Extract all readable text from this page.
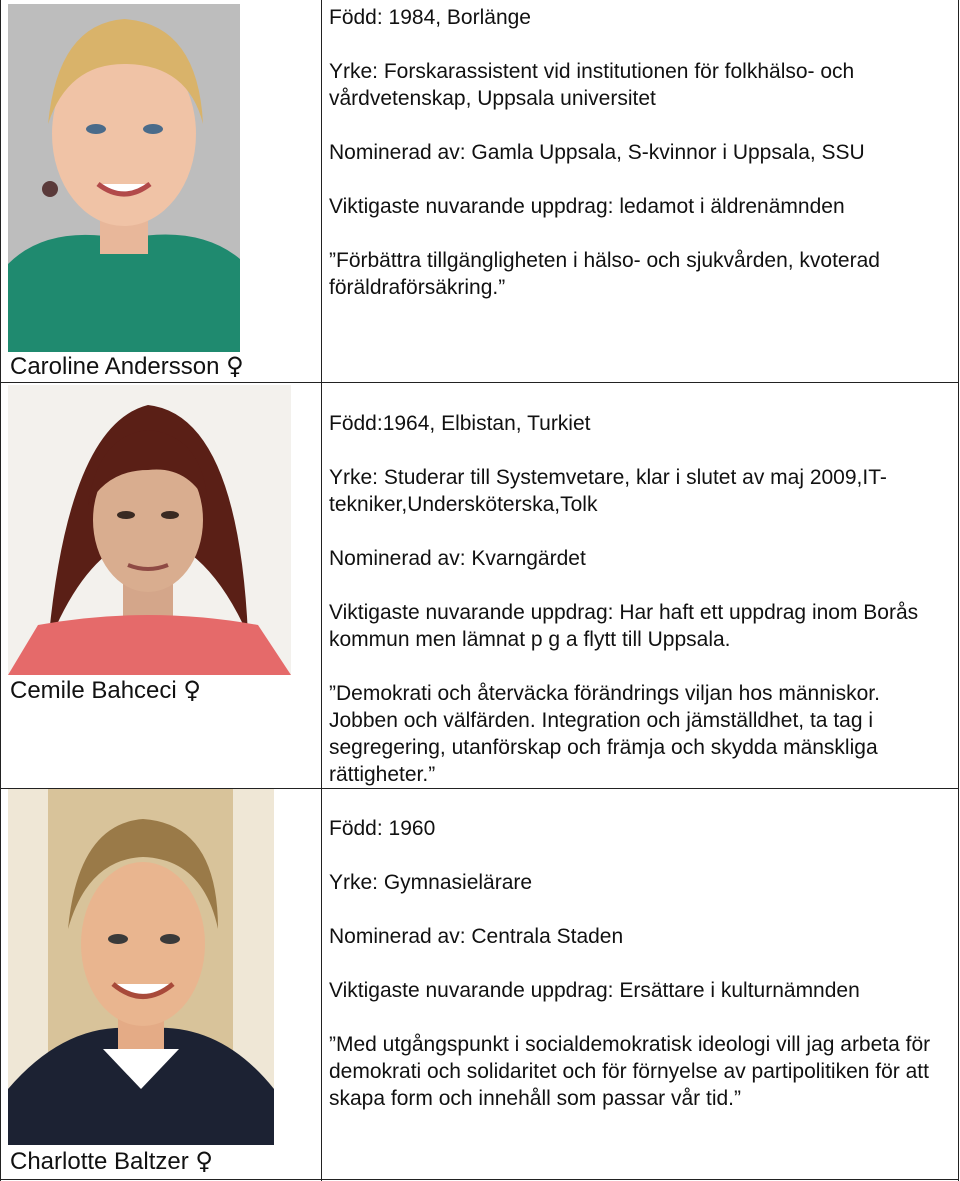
Caroline Andersson ♀

Född: 1984, Borlänge

Yrke: Forskarassistent vid institutionen för folkhälso- och vårdvetenskap, Uppsala universitet

Nominerad av: Gamla Uppsala, S-kvinnor i Uppsala, SSU

Viktigaste nuvarande uppdrag: ledamot i äldrenämnden

”Förbättra tillgängligheten i hälso- och sjukvården, kvoterad föräldraförsäkring.”

Cemile Bahceci ♀

Född:1964, Elbistan, Turkiet

Yrke: Studerar till Systemvetare, klar i slutet av maj 2009,IT-tekniker,Undersköterska,Tolk

Nominerad av: Kvarngärdet

Viktigaste nuvarande uppdrag: Har haft ett uppdrag inom Borås kommun men lämnat p g a flytt till Uppsala.

”Demokrati och återväcka förändrings viljan hos människor. Jobben och välfärden. Integration och jämställdhet, ta tag i segregering, utanförskap och främja och skydda mänskliga rättigheter.”

Charlotte Baltzer ♀

Född: 1960

Yrke: Gymnasielärare

Nominerad av: Centrala Staden

Viktigaste nuvarande uppdrag: Ersättare i kulturnämnden

”Med utgångspunkt i socialdemokratisk ideologi vill jag arbeta för demokrati och solidaritet och för förnyelse av partipolitiken för att skapa form och innehåll som passar vår tid.”
